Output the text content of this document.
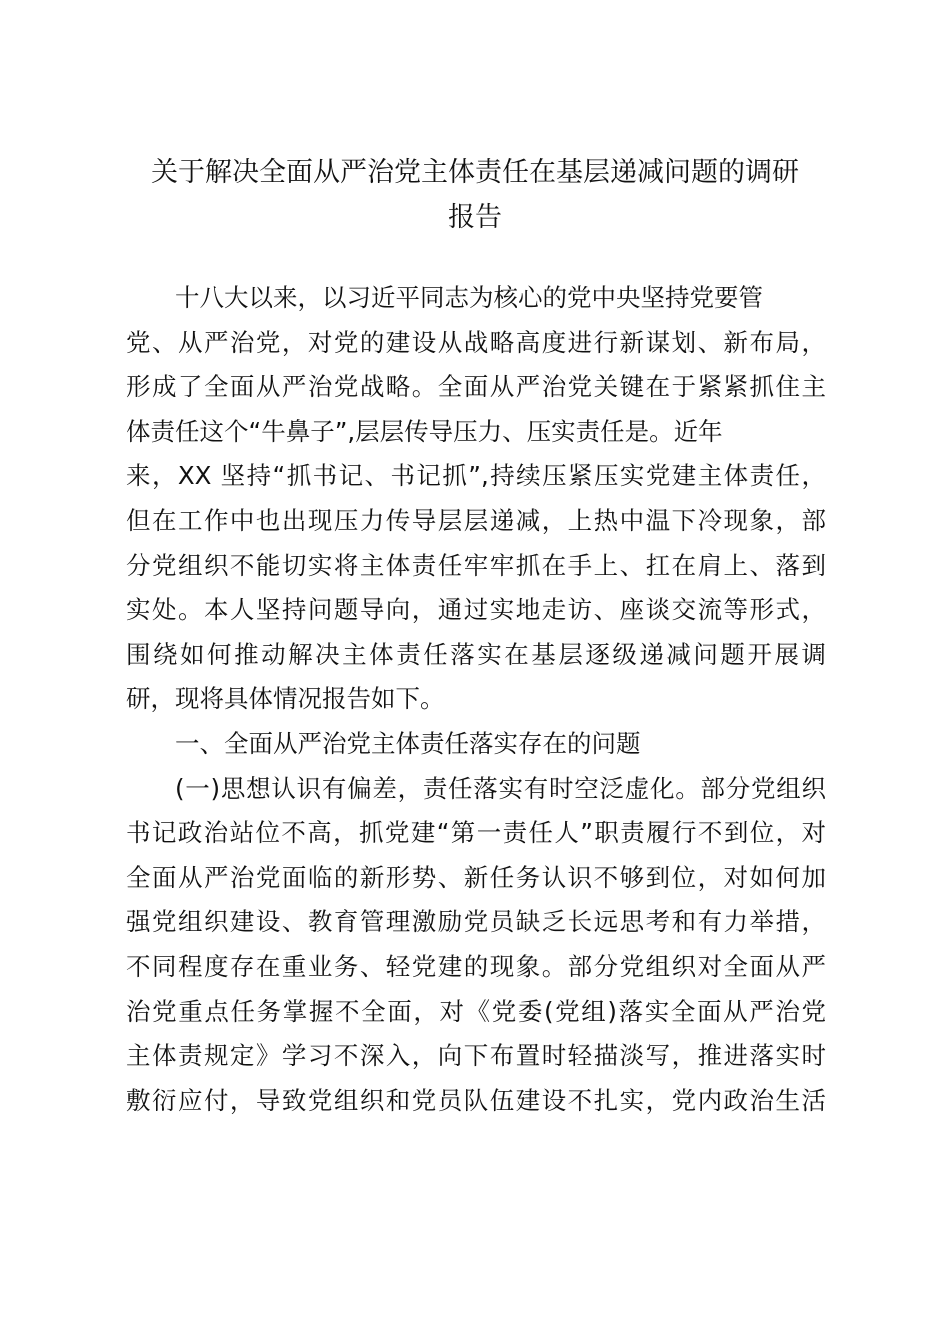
关于解决全面从严治党主体责任在基层递减问题的调研
报告
十八大以来，以习近平同志为核心的党中央坚持党要管
党、从严治党，对党的建设从战略高度进行新谋划、新布局，
形成了全面从严治党战略。全面从严治党关键在于紧紧抓住主
体责任这个“牛鼻子”,层层传导压力、压实责任是。近年
来，XX 坚持“抓书记、书记抓”,持续压紧压实党建主体责任，
但在工作中也出现压力传导层层递减，上热中温下冷现象，部
分党组织不能切实将主体责任牢牢抓在手上、扛在肩上、落到
实处。本人坚持问题导向，通过实地走访、座谈交流等形式，
围绕如何推动解决主体责任落实在基层逐级递减问题开展调
研，现将具体情况报告如下。
一、全面从严治党主体责任落实存在的问题
(一)思想认识有偏差，责任落实有时空泛虚化。部分党组织
书记政治站位不高，抓党建“第一责任人”职责履行不到位，对
全面从严治党面临的新形势、新任务认识不够到位，对如何加
强党组织建设、教育管理激励党员缺乏长远思考和有力举措，
不同程度存在重业务、轻党建的现象。部分党组织对全面从严
治党重点任务掌握不全面，对《党委(党组)落实全面从严治党
主体责规定》学习不深入，向下布置时轻描淡写，推进落实时
敷衍应付，导致党组织和党员队伍建设不扎实，党内政治生活
